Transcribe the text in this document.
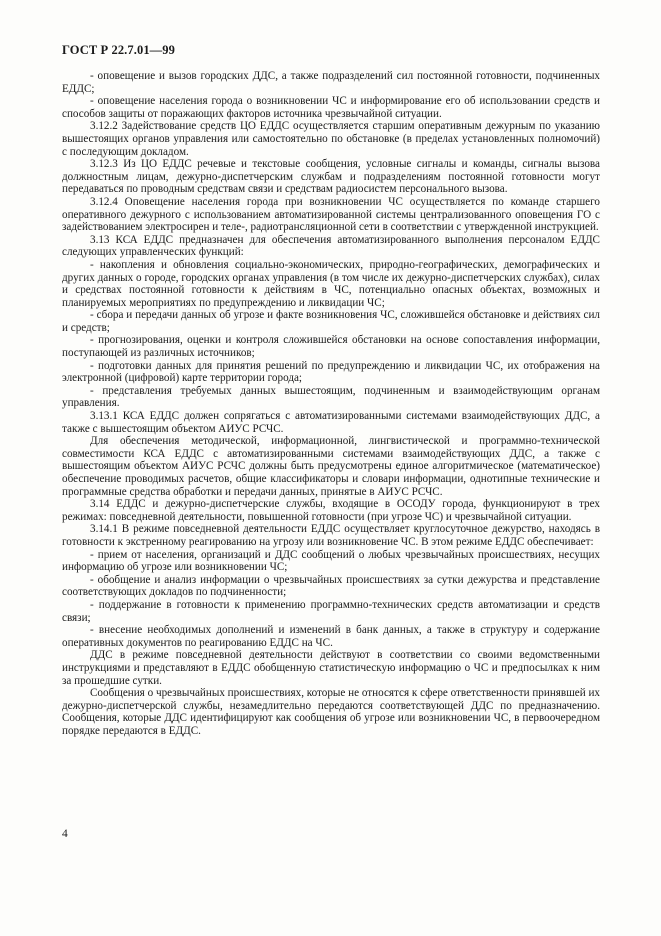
ГОСТ Р 22.7.01—99

- оповещение и вызов городских ДДС, а также подразделений сил постоянной готовности, подчиненных ЕДДС;

- оповещение населения города о возникновении ЧС и информирование его об использовании средств и способов защиты от поражающих факторов источника чрезвычайной ситуации.

3.12.2 Задействование средств ЦО ЕДДС осуществляется старшим оперативным дежурным по указанию вышестоящих органов управления или самостоятельно по обстановке (в пределах установленных полномочий) с последующим докладом.

3.12.3 Из ЦО ЕДДС речевые и текстовые сообщения, условные сигналы и команды, сигналы вызова должностным лицам, дежурно-диспетчерским службам и подразделениям постоянной готовности могут передаваться по проводным средствам связи и средствам радиосистем персонального вызова.

3.12.4 Оповещение населения города при возникновении ЧС осуществляется по команде старшего оперативного дежурного с использованием автоматизированной системы централизованного оповещения ГО с задействованием электросирен и теле-, радиотрансляционной сети в соответствии с утвержденной инструкцией.

3.13 КСА ЕДДС предназначен для обеспечения автоматизированного выполнения персоналом ЕДДС следующих управленческих функций:

- накопления и обновления социально-экономических, природно-географических, демографических и других данных о городе, городских органах управления (в том числе их дежурно-диспетчерских службах), силах и средствах постоянной готовности к действиям в ЧС, потенциально опасных объектах, возможных и планируемых мероприятиях по предупреждению и ликвидации ЧС;

- сбора и передачи данных об угрозе и факте возникновения ЧС, сложившейся обстановке и действиях сил и средств;

- прогнозирования, оценки и контроля сложившейся обстановки на основе сопоставления информации, поступающей из различных источников;

- подготовки данных для принятия решений по предупреждению и ликвидации ЧС, их отображения на электронной (цифровой) карте территории города;

- представления требуемых данных вышестоящим, подчиненным и взаимодействующим органам управления.

3.13.1 КСА ЕДДС должен сопрягаться с автоматизированными системами взаимодействующих ДДС, а также с вышестоящим объектом АИУС РСЧС.

Для обеспечения методической, информационной, лингвистической и программно-технической совместимости КСА ЕДДС с автоматизированными системами взаимодействующих ДДС, а также с вышестоящим объектом АИУС РСЧС должны быть предусмотрены единое алгоритмическое (математическое) обеспечение проводимых расчетов, общие классификаторы и словари информации, однотипные технические и программные средства обработки и передачи данных, принятые в АИУС РСЧС.

3.14 ЕДДС и дежурно-диспетчерские службы, входящие в ОСОДУ города, функционируют в трех режимах: повседневной деятельности, повышенной готовности (при угрозе ЧС) и чрезвычайной ситуации.

3.14.1 В режиме повседневной деятельности ЕДДС осуществляет круглосуточное дежурство, находясь в готовности к экстренному реагированию на угрозу или возникновение ЧС. В этом режиме ЕДДС обеспечивает:

- прием от населения, организаций и ДДС сообщений о любых чрезвычайных происшествиях, несущих информацию об угрозе или возникновении ЧС;

- обобщение и анализ информации о чрезвычайных происшествиях за сутки дежурства и представление соответствующих докладов по подчиненности;

- поддержание в готовности к применению программно-технических средств автоматизации и средств связи;

- внесение необходимых дополнений и изменений в банк данных, а также в структуру и содержание оперативных документов по реагированию ЕДДС на ЧС.

ДДС в режиме повседневной деятельности действуют в соответствии со своими ведомственными инструкциями и представляют в ЕДДС обобщенную статистическую информацию о ЧС и предпосылках к ним за прошедшие сутки.

Сообщения о чрезвычайных происшествиях, которые не относятся к сфере ответственности принявшей их дежурно-диспетчерской службы, незамедлительно передаются соответствующей ДДС по предназначению. Сообщения, которые ДДС идентифицируют как сообщения об угрозе или возникновении ЧС, в первоочередном порядке передаются в ЕДДС.

4
